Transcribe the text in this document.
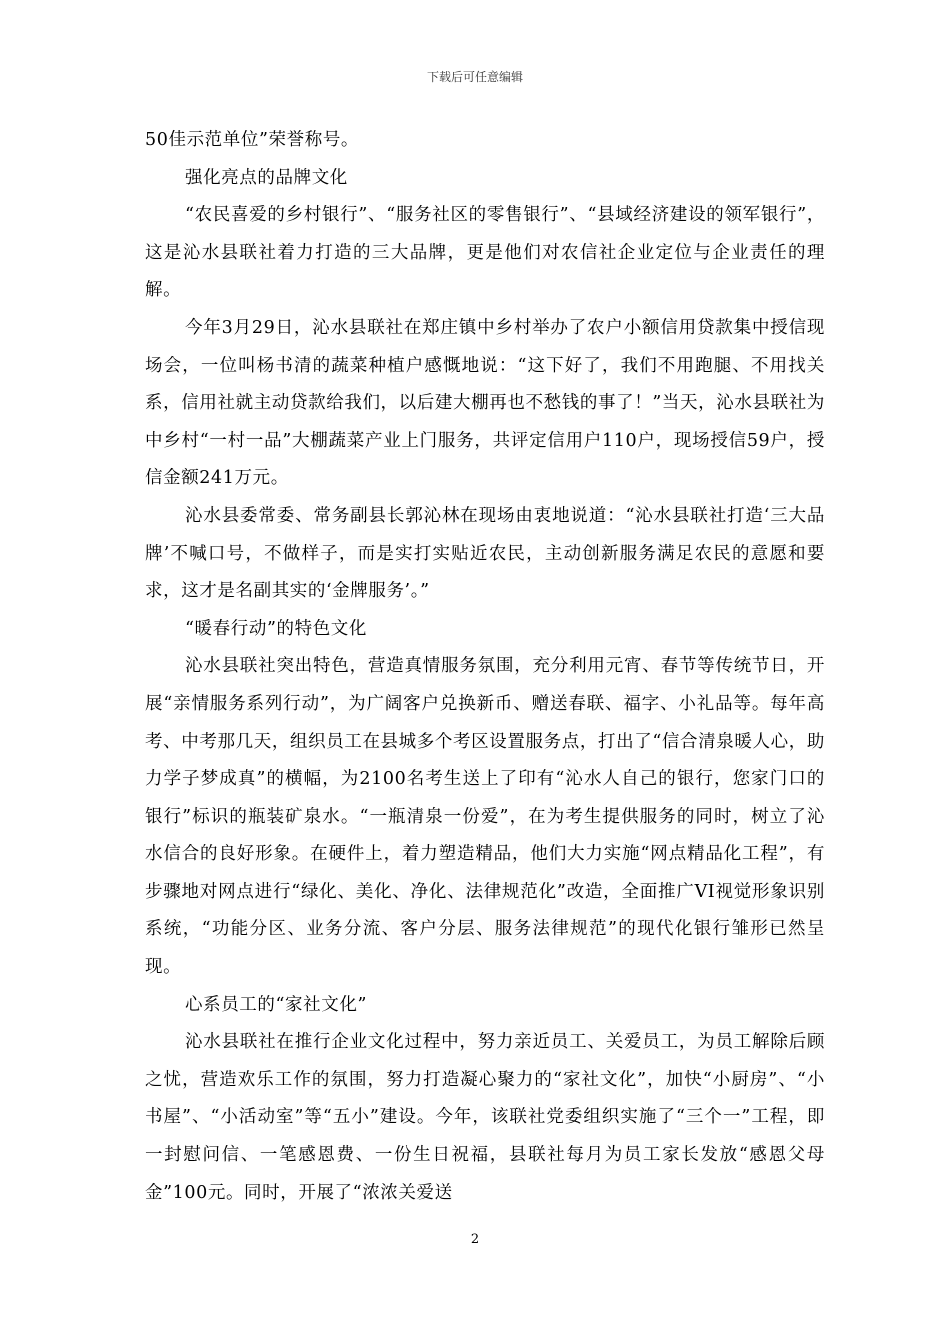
下载后可任意编辑

50佳示范单位”荣誉称号。

强化亮点的品牌文化

“农民喜爱的乡村银行”、“服务社区的零售银行”、“县域经济建设的领军银行”，这是沁水县联社着力打造的三大品牌，更是他们对农信社企业定位与企业责任的理解。

今年3月29日，沁水县联社在郑庄镇中乡村举办了农户小额信用贷款集中授信现场会，一位叫杨书清的蔬菜种植户感慨地说：“这下好了，我们不用跑腿、不用找关系，信用社就主动贷款给我们，以后建大棚再也不愁钱的事了！”当天，沁水县联社为中乡村“一村一品”大棚蔬菜产业上门服务，共评定信用户110户，现场授信59户，授信金额241万元。

沁水县委常委、常务副县长郭沁林在现场由衷地说道：“沁水县联社打造‘三大品牌’不喊口号，不做样子，而是实打实贴近农民，主动创新服务满足农民的意愿和要求，这才是名副其实的‘金牌服务’。”

“暖春行动”的特色文化

沁水县联社突出特色，营造真情服务氛围，充分利用元宵、春节等传统节日，开展“亲情服务系列行动”，为广阔客户兑换新币、赠送春联、福字、小礼品等。每年高考、中考那几天，组织员工在县城多个考区设置服务点，打出了“信合清泉暖人心，助力学子梦成真”的横幅，为2100名考生送上了印有“沁水人自己的银行，您家门口的银行”标识的瓶装矿泉水。“一瓶清泉一份爱”，在为考生提供服务的同时，树立了沁水信合的良好形象。在硬件上，着力塑造精品，他们大力实施“网点精品化工程”，有步骤地对网点进行“绿化、美化、净化、法律规范化”改造，全面推广VI视觉形象识别系统，“功能分区、业务分流、客户分层、服务法律规范”的现代化银行雏形已然呈现。

心系员工的“家社文化”

沁水县联社在推行企业文化过程中，努力亲近员工、关爱员工，为员工解除后顾之忧，营造欢乐工作的氛围，努力打造凝心聚力的“家社文化”，加快“小厨房”、“小书屋”、“小活动室”等“五小”建设。今年，该联社党委组织实施了“三个一”工程，即一封慰问信、一笔感恩费、一份生日祝福，县联社每月为员工家长发放“感恩父母金”100元。同时，开展了“浓浓关爱送

2
